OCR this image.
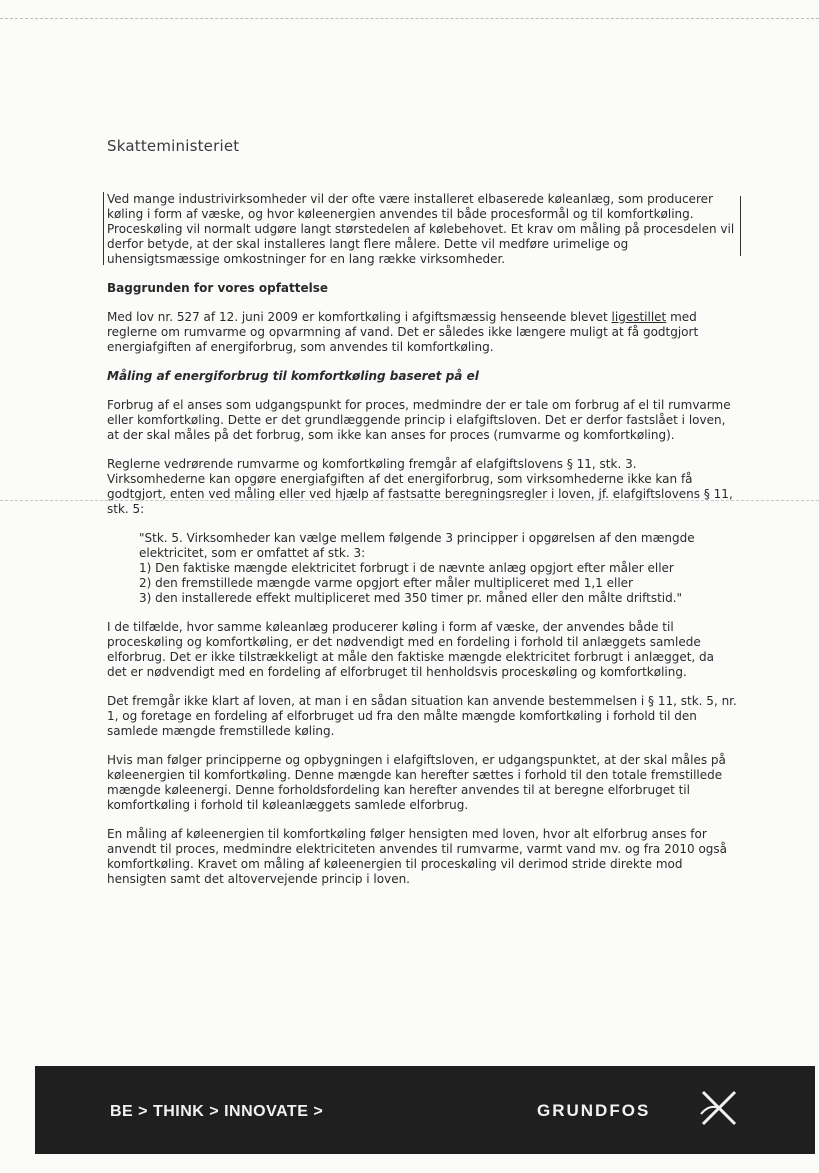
Skatteministeriet

Ved mange industrivirksomheder vil der ofte være installeret elbaserede køleanlæg, som producerer køling i form af væske, og hvor køleenergien anvendes til både procesformål og til komfortkøling. Proceskøling vil normalt udgøre langt størstedelen af kølebehovet. Et krav om måling på procesdelen vil derfor betyde, at der skal installeres langt flere målere. Dette vil medføre urimelige og uhensigtsmæssige omkostninger for en lang række virksomheder.

Baggrunden for vores opfattelse

Med lov nr. 527 af 12. juni 2009 er komfortkøling i afgiftsmæssig henseende blevet ligestillet med reglerne om rumvarme og opvarmning af vand. Det er således ikke længere muligt at få godtgjort energiafgiften af energiforbrug, som anvendes til komfortkøling.

Måling af energiforbrug til komfortkøling baseret på el

Forbrug af el anses som udgangspunkt for proces, medmindre der er tale om forbrug af el til rumvarme eller komfortkøling. Dette er det grundlæggende princip i elafgiftsloven. Det er derfor fastslået i loven, at der skal måles på det forbrug, som ikke kan anses for proces (rumvarme og komfortkøling).

Reglerne vedrørende rumvarme og komfortkøling fremgår af elafgiftslovens § 11, stk. 3. Virksomhederne kan opgøre energiafgiften af det energiforbrug, som virksomhederne ikke kan få godtgjort, enten ved måling eller ved hjælp af fastsatte beregningsregler i loven, jf. elafgiftslovens § 11, stk. 5:

"Stk. 5. Virksomheder kan vælge mellem følgende 3 principper i opgørelsen af den mængde elektricitet, som er omfattet af stk. 3:
1) Den faktiske mængde elektricitet forbrugt i de nævnte anlæg opgjort efter måler eller
2) den fremstillede mængde varme opgjort efter måler multipliceret med 1,1 eller
3) den installerede effekt multipliceret med 350 timer pr. måned eller den målte driftstid."

I de tilfælde, hvor samme køleanlæg producerer køling i form af væske, der anvendes både til proceskøling og komfortkøling, er det nødvendigt med en fordeling i forhold til anlæggets samlede elforbrug. Det er ikke tilstrækkeligt at måle den faktiske mængde elektricitet forbrugt i anlægget, da det er nødvendigt med en fordeling af elforbruget til henholdsvis proceskøling og komfortkøling.

Det fremgår ikke klart af loven, at man i en sådan situation kan anvende bestemmelsen i § 11, stk. 5, nr. 1, og foretage en fordeling af elforbruget ud fra den målte mængde komfortkøling i forhold til den samlede mængde fremstillede køling.

Hvis man følger principperne og opbygningen i elafgiftsloven, er udgangspunktet, at der skal måles på køleenergien til komfortkøling. Denne mængde kan herefter sættes i forhold til den totale fremstillede mængde køleenergi. Denne forholdsfordeling kan herefter anvendes til at beregne elforbruget til komfortkøling i forhold til køleanlæggets samlede elforbrug.

En måling af køleenergien til komfortkøling følger hensigten med loven, hvor alt elforbrug anses for anvendt til proces, medmindre elektriciteten anvendes til rumvarme, varmt vand mv. og fra 2010 også komfortkøling. Kravet om måling af køleenergien til proceskøling vil derimod stride direkte mod hensigten samt det altovervejende princip i loven.

BE > THINK > INNOVATE >	GRUNDFOS
